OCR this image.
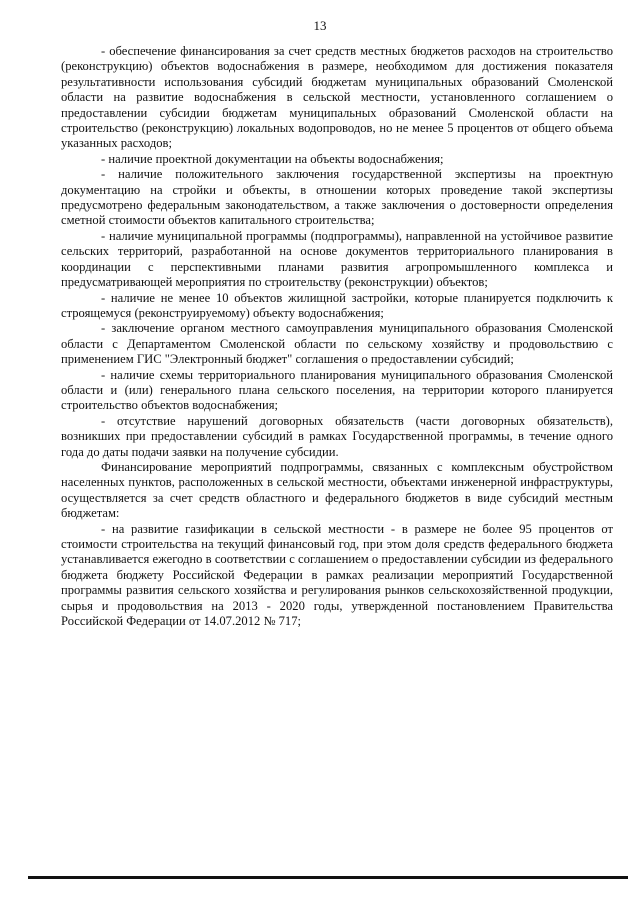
13

- обеспечение финансирования за счет средств местных бюджетов расходов на строительство (реконструкцию) объектов водоснабжения в размере, необходимом для достижения показателя результативности использования субсидий бюджетам муниципальных образований Смоленской области на развитие водоснабжения в сельской местности, установленного соглашением о предоставлении субсидии бюджетам муниципальных образований Смоленской области на строительство (реконструкцию) локальных водопроводов, но не менее 5 процентов от общего объема указанных расходов;

- наличие проектной документации на объекты водоснабжения;

- наличие положительного заключения государственной экспертизы на проектную документацию на стройки и объекты, в отношении которых проведение такой экспертизы предусмотрено федеральным законодательством, а также заключения о достоверности определения сметной стоимости объектов капитального строительства;

- наличие муниципальной программы (подпрограммы), направленной на устойчивое развитие сельских территорий, разработанной на основе документов территориального планирования в координации с перспективными планами развития агропромышленного комплекса и предусматривающей мероприятия по строительству (реконструкции) объектов;

- наличие не менее 10 объектов жилищной застройки, которые планируется подключить к строящемуся (реконструируемому) объекту водоснабжения;

- заключение органом местного самоуправления муниципального образования Смоленской области с Департаментом Смоленской области по сельскому хозяйству и продовольствию с применением ГИС "Электронный бюджет" соглашения о предоставлении субсидий;

- наличие схемы территориального планирования муниципального образования Смоленской области и (или) генерального плана сельского поселения, на территории которого планируется строительство объектов водоснабжения;

- отсутствие нарушений договорных обязательств (части договорных обязательств), возникших при предоставлении субсидий в рамках Государственной программы, в течение одного года до даты подачи заявки на получение субсидии.

Финансирование мероприятий подпрограммы, связанных с комплексным обустройством населенных пунктов, расположенных в сельской местности, объектами инженерной инфраструктуры, осуществляется за счет средств областного и федерального бюджетов в виде субсидий местным бюджетам:

- на развитие газификации в сельской местности - в размере не более 95 процентов от стоимости строительства на текущий финансовый год, при этом доля средств федерального бюджета устанавливается ежегодно в соответствии с соглашением о предоставлении субсидии из федерального бюджета бюджету Российской Федерации в рамках реализации мероприятий Государственной программы развития сельского хозяйства и регулирования рынков сельскохозяйственной продукции, сырья и продовольствия на 2013 - 2020 годы, утвержденной постановлением Правительства Российской Федерации от 14.07.2012 № 717;
